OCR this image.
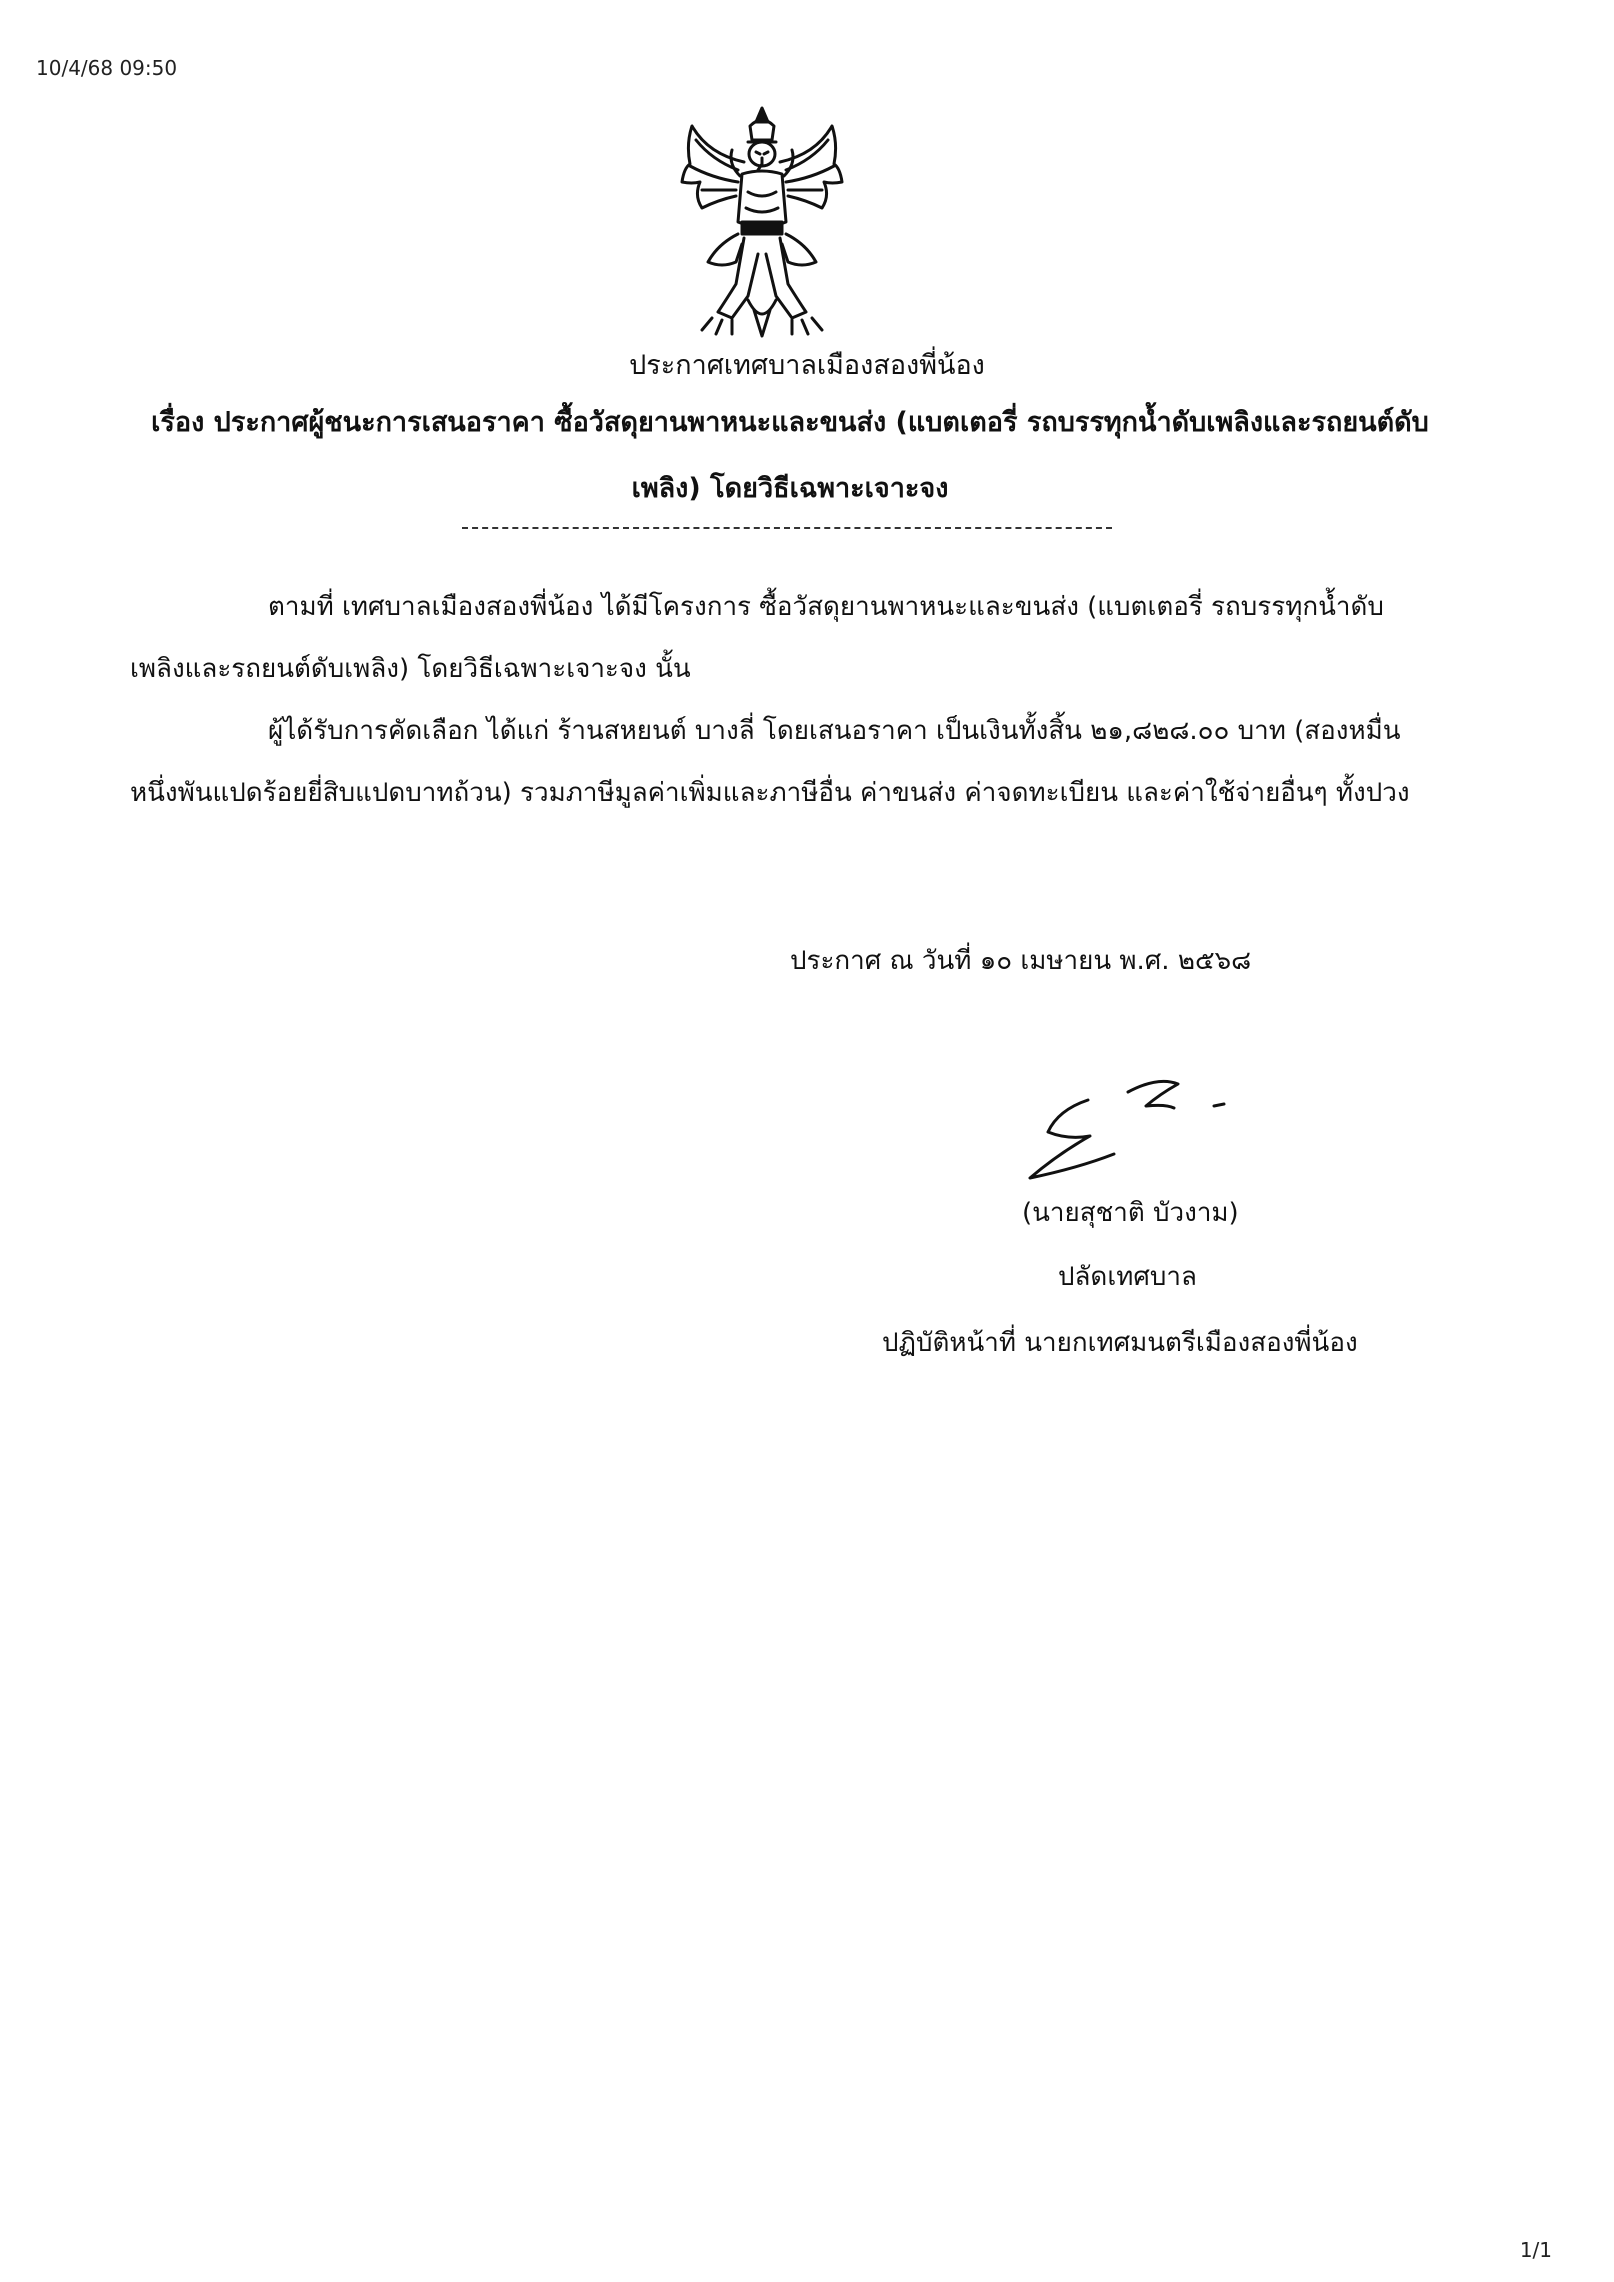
10/4/68 09:50
ประกาศเทศบาลเมืองสองพี่น้อง
เรื่อง ประกาศผู้ชนะการเสนอราคา ซื้อวัสดุยานพาหนะและขนส่ง (แบตเตอรี่ รถบรรทุกน้ำดับเพลิงและรถยนต์ดับเพลิง) โดยวิธีเฉพาะเจาะจง

ตามที่ เทศบาลเมืองสองพี่น้อง ได้มีโครงการ ซื้อวัสดุยานพาหนะและขนส่ง (แบตเตอรี่ รถบรรทุกน้ำดับเพลิงและรถยนต์ดับเพลิง) โดยวิธีเฉพาะเจาะจง นั้น

ผู้ได้รับการคัดเลือก ได้แก่ ร้านสหยนต์ บางลี่ โดยเสนอราคา เป็นเงินทั้งสิ้น ๒๑,๘๒๘.๐๐ บาท (สองหมื่นหนึ่งพันแปดร้อยยี่สิบแปดบาทถ้วน) รวมภาษีมูลค่าเพิ่มและภาษีอื่น ค่าขนส่ง ค่าจดทะเบียน และค่าใช้จ่ายอื่นๆ ทั้งปวง

ประกาศ ณ วันที่ ๑๐ เมษายน พ.ศ. ๒๕๖๘
(นายสุชาติ บัวงาม)
ปลัดเทศบาล
ปฏิบัติหน้าที่ นายกเทศมนตรีเมืองสองพี่น้อง
1/1
